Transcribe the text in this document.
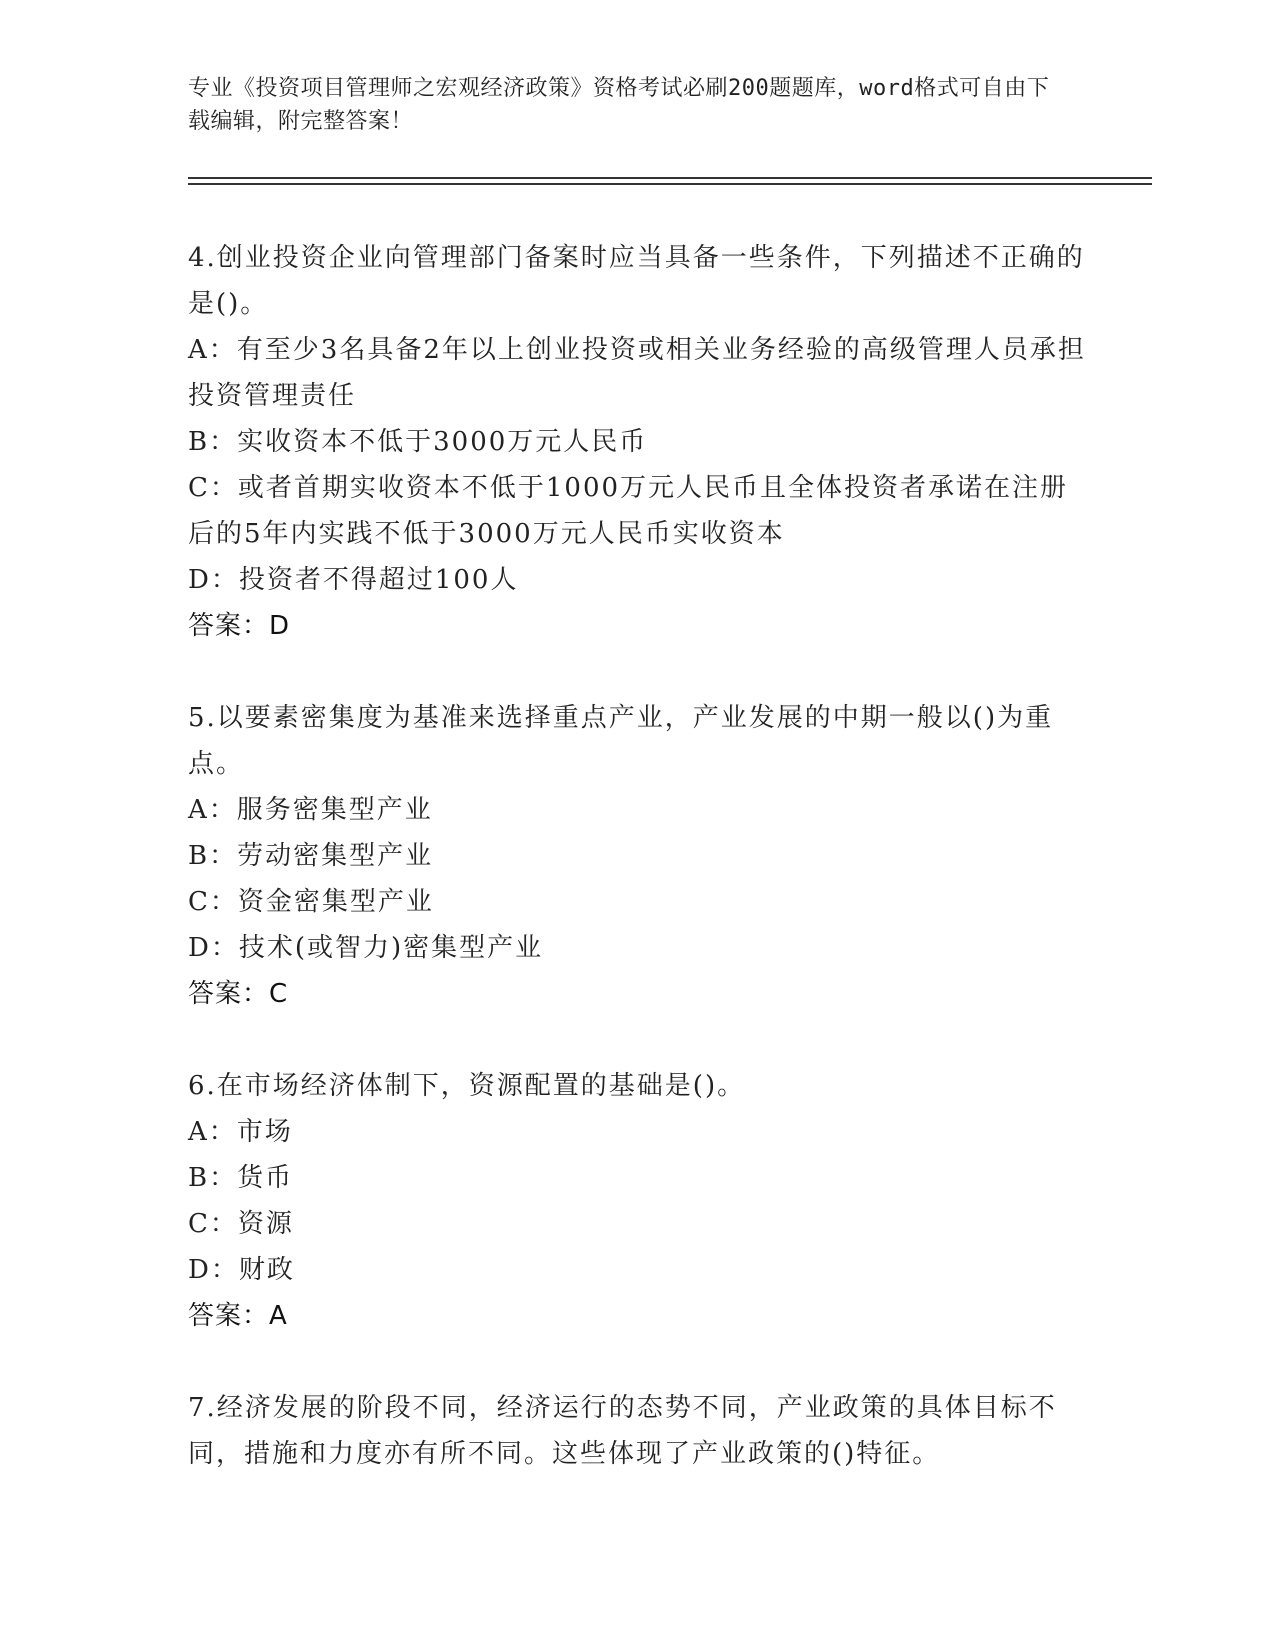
专业《投资项目管理师之宏观经济政策》资格考试必刷200题题库，word格式可自由下载编辑，附完整答案！
4.创业投资企业向管理部门备案时应当具备一些条件，下列描述不正确的是()。
A：有至少3名具备2年以上创业投资或相关业务经验的高级管理人员承担投资管理责任
B：实收资本不低于3000万元人民币
C：或者首期实收资本不低于1000万元人民币且全体投资者承诺在注册后的5年内实践不低于3000万元人民币实收资本
D：投资者不得超过100人
答案：D
5.以要素密集度为基准来选择重点产业，产业发展的中期一般以()为重点。
A：服务密集型产业
B：劳动密集型产业
C：资金密集型产业
D：技术(或智力)密集型产业
答案：C
6.在市场经济体制下，资源配置的基础是()。
A：市场
B：货币
C：资源
D：财政
答案：A
7.经济发展的阶段不同，经济运行的态势不同，产业政策的具体目标不同，措施和力度亦有所不同。这些体现了产业政策的()特征。
